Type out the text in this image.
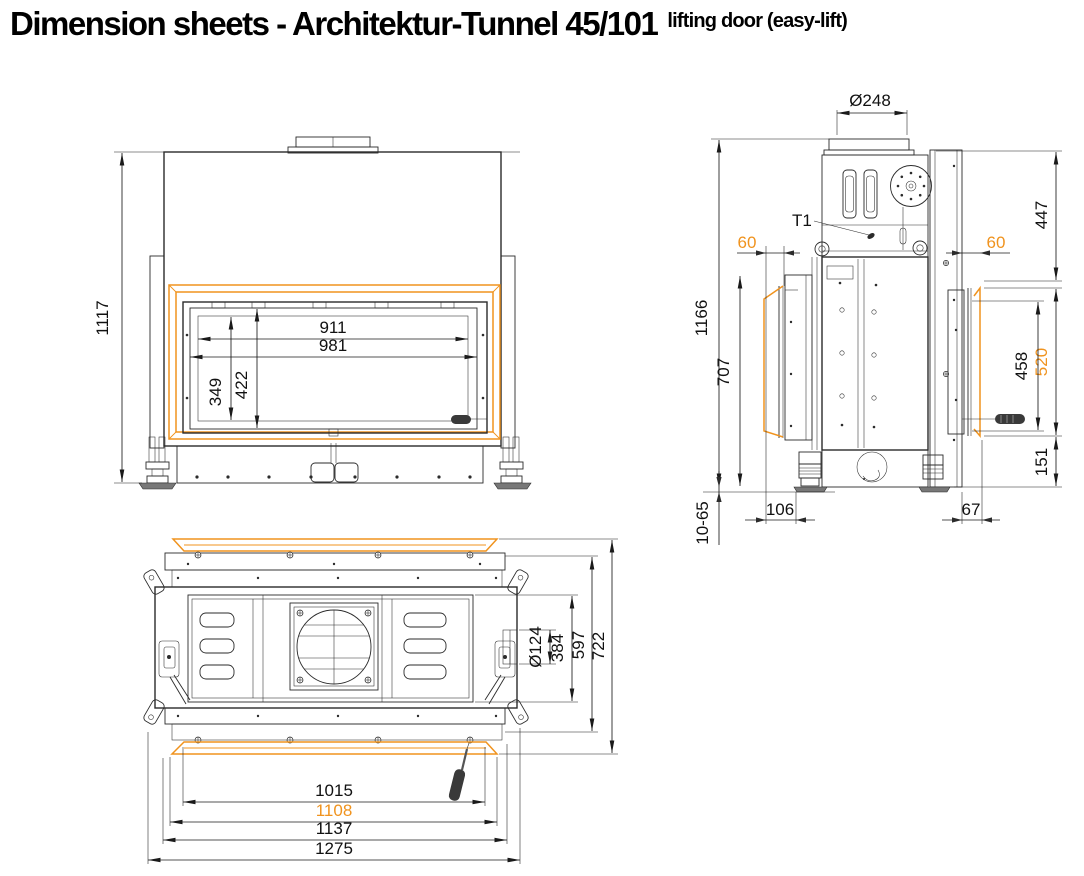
Dimension sheets - Architektur-Tunnel 45/101 lifting door (easy-lift)
1117	911
981
349 422
T1
Ø248
1166
707
60	60
447
520
458
151
10-65	106	67
1015
1108
1137
1275
Ø124 384 597 722
